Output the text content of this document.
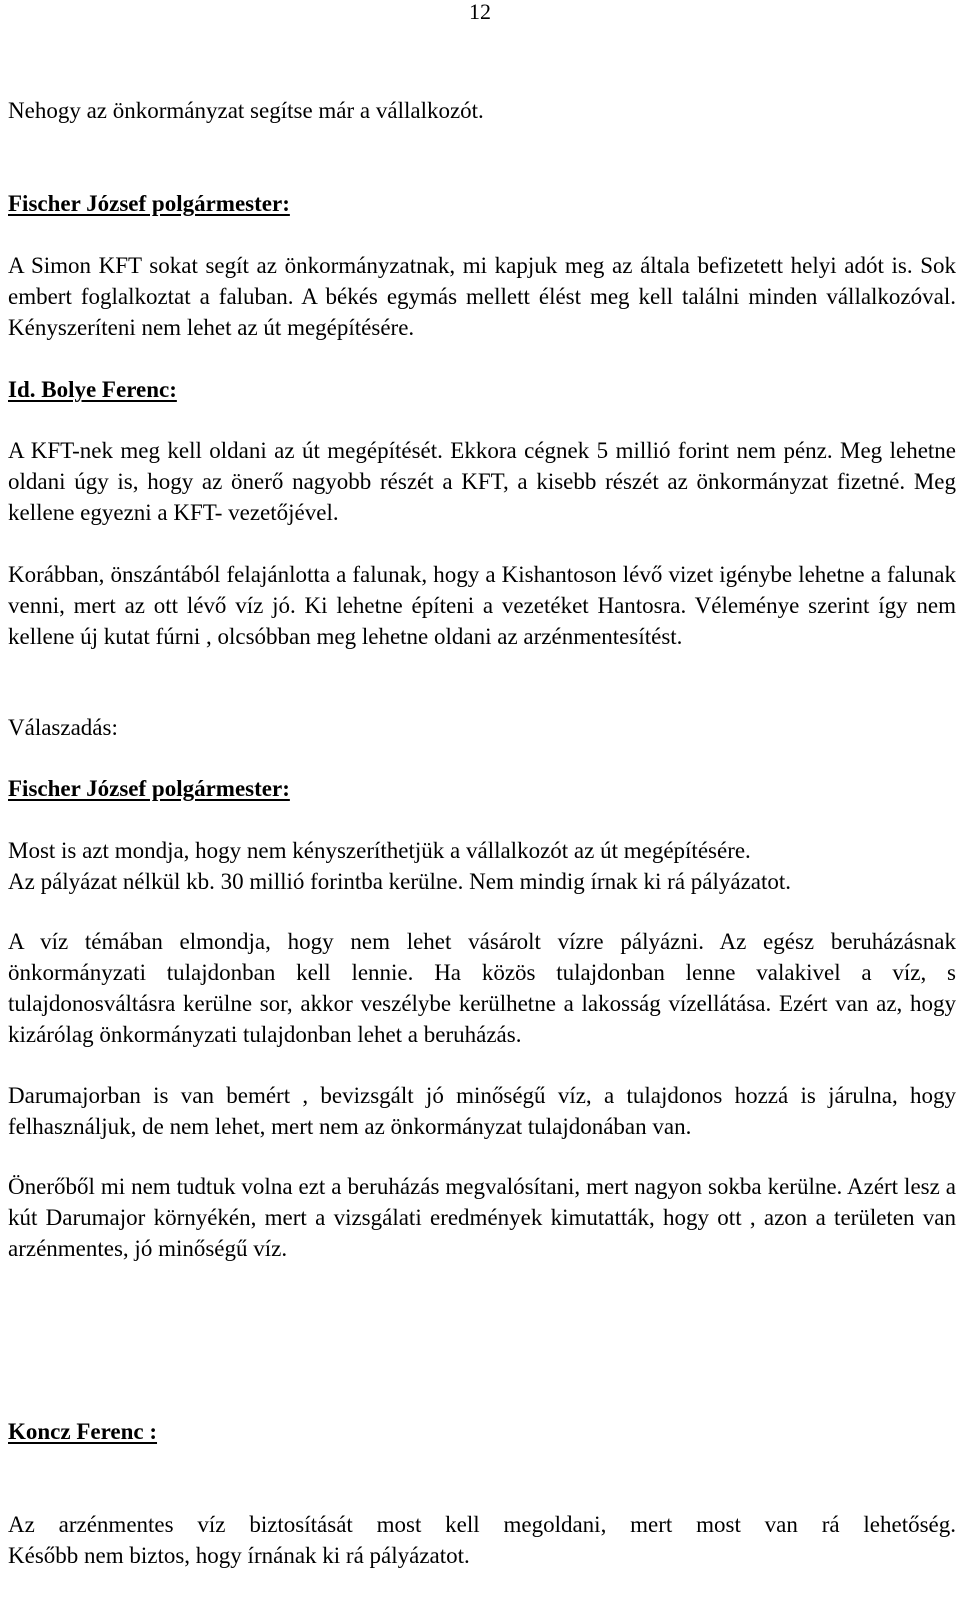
12

Nehogy az önkormányzat segítse már a vállalkozót.

Fischer József polgármester:

A Simon KFT sokat segít az önkormányzatnak, mi kapjuk meg az általa befizetett helyi adót is. Sok embert foglalkoztat a faluban. A békés egymás mellett élést meg kell találni minden vállalkozóval. Kényszeríteni nem lehet az út megépítésére.

Id. Bolye Ferenc:

A KFT-nek meg kell oldani az út megépítését. Ekkora cégnek 5 millió forint nem pénz. Meg lehetne oldani úgy is, hogy az önerő nagyobb részét a KFT, a kisebb részét az önkormányzat fizetné. Meg kellene egyezni a KFT- vezetőjével.

Korábban, önszántából felajánlotta a falunak, hogy a Kishantoson lévő vizet igénybe lehetne a falunak venni, mert az ott lévő víz jó. Ki lehetne építeni a vezetéket Hantosra. Véleménye szerint így nem kellene új kutat fúrni , olcsóbban meg lehetne oldani az arzénmentesítést.

Válaszadás:

Fischer József polgármester:

Most is azt mondja, hogy nem kényszeríthetjük a vállalkozót az út megépítésére.
Az pályázat nélkül kb. 30 millió forintba kerülne. Nem mindig írnak ki rá pályázatot.

A víz témában elmondja, hogy nem lehet vásárolt vízre pályázni. Az egész beruházásnak önkormányzati tulajdonban kell lennie. Ha közös tulajdonban lenne valakivel a víz, s tulajdonosváltásra kerülne sor, akkor veszélybe kerülhetne a lakosság vízellátása. Ezért van az, hogy kizárólag önkormányzati tulajdonban lehet a beruházás.

Darumajorban is van bemért , bevizsgált jó minőségű víz, a tulajdonos hozzá is járulna, hogy felhasználjuk, de nem lehet, mert nem az önkormányzat tulajdonában van.

Önerőből mi nem tudtuk volna ezt a beruházás megvalósítani, mert nagyon sokba kerülne. Azért lesz a kút Darumajor környékén, mert a vizsgálati eredmények kimutatták, hogy ott , azon a területen van arzénmentes, jó minőségű víz.

Koncz Ferenc :

Az arzénmentes víz biztosítását most kell megoldani, mert most van rá lehetőség.
Később nem biztos, hogy írnának ki rá pályázatot.
